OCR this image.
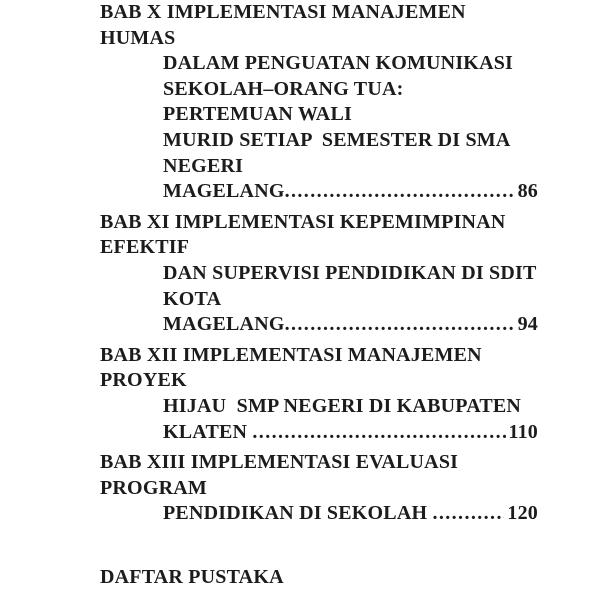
BAB X IMPLEMENTASI MANAJEMEN HUMAS
DALAM PENGUATAN KOMUNIKASI
SEKOLAH–ORANG TUA: PERTEMUAN WALI
MURID SETIAP  SEMESTER DI SMA NEGERI
MAGELANG .....	86
BAB XI IMPLEMENTASI KEPEMIMPINAN EFEKTIF
DAN SUPERVISI PENDIDIKAN DI SDIT KOTA
MAGELANG .....	94
BAB XII IMPLEMENTASI MANAJEMEN PROYEK
HIJAU  SMP NEGERI DI KABUPATEN
KLATEN .....	110
BAB XIII IMPLEMENTASI EVALUASI PROGRAM
PENDIDIKAN DI SEKOLAH .....	120
DAFTAR PUSTAKA
